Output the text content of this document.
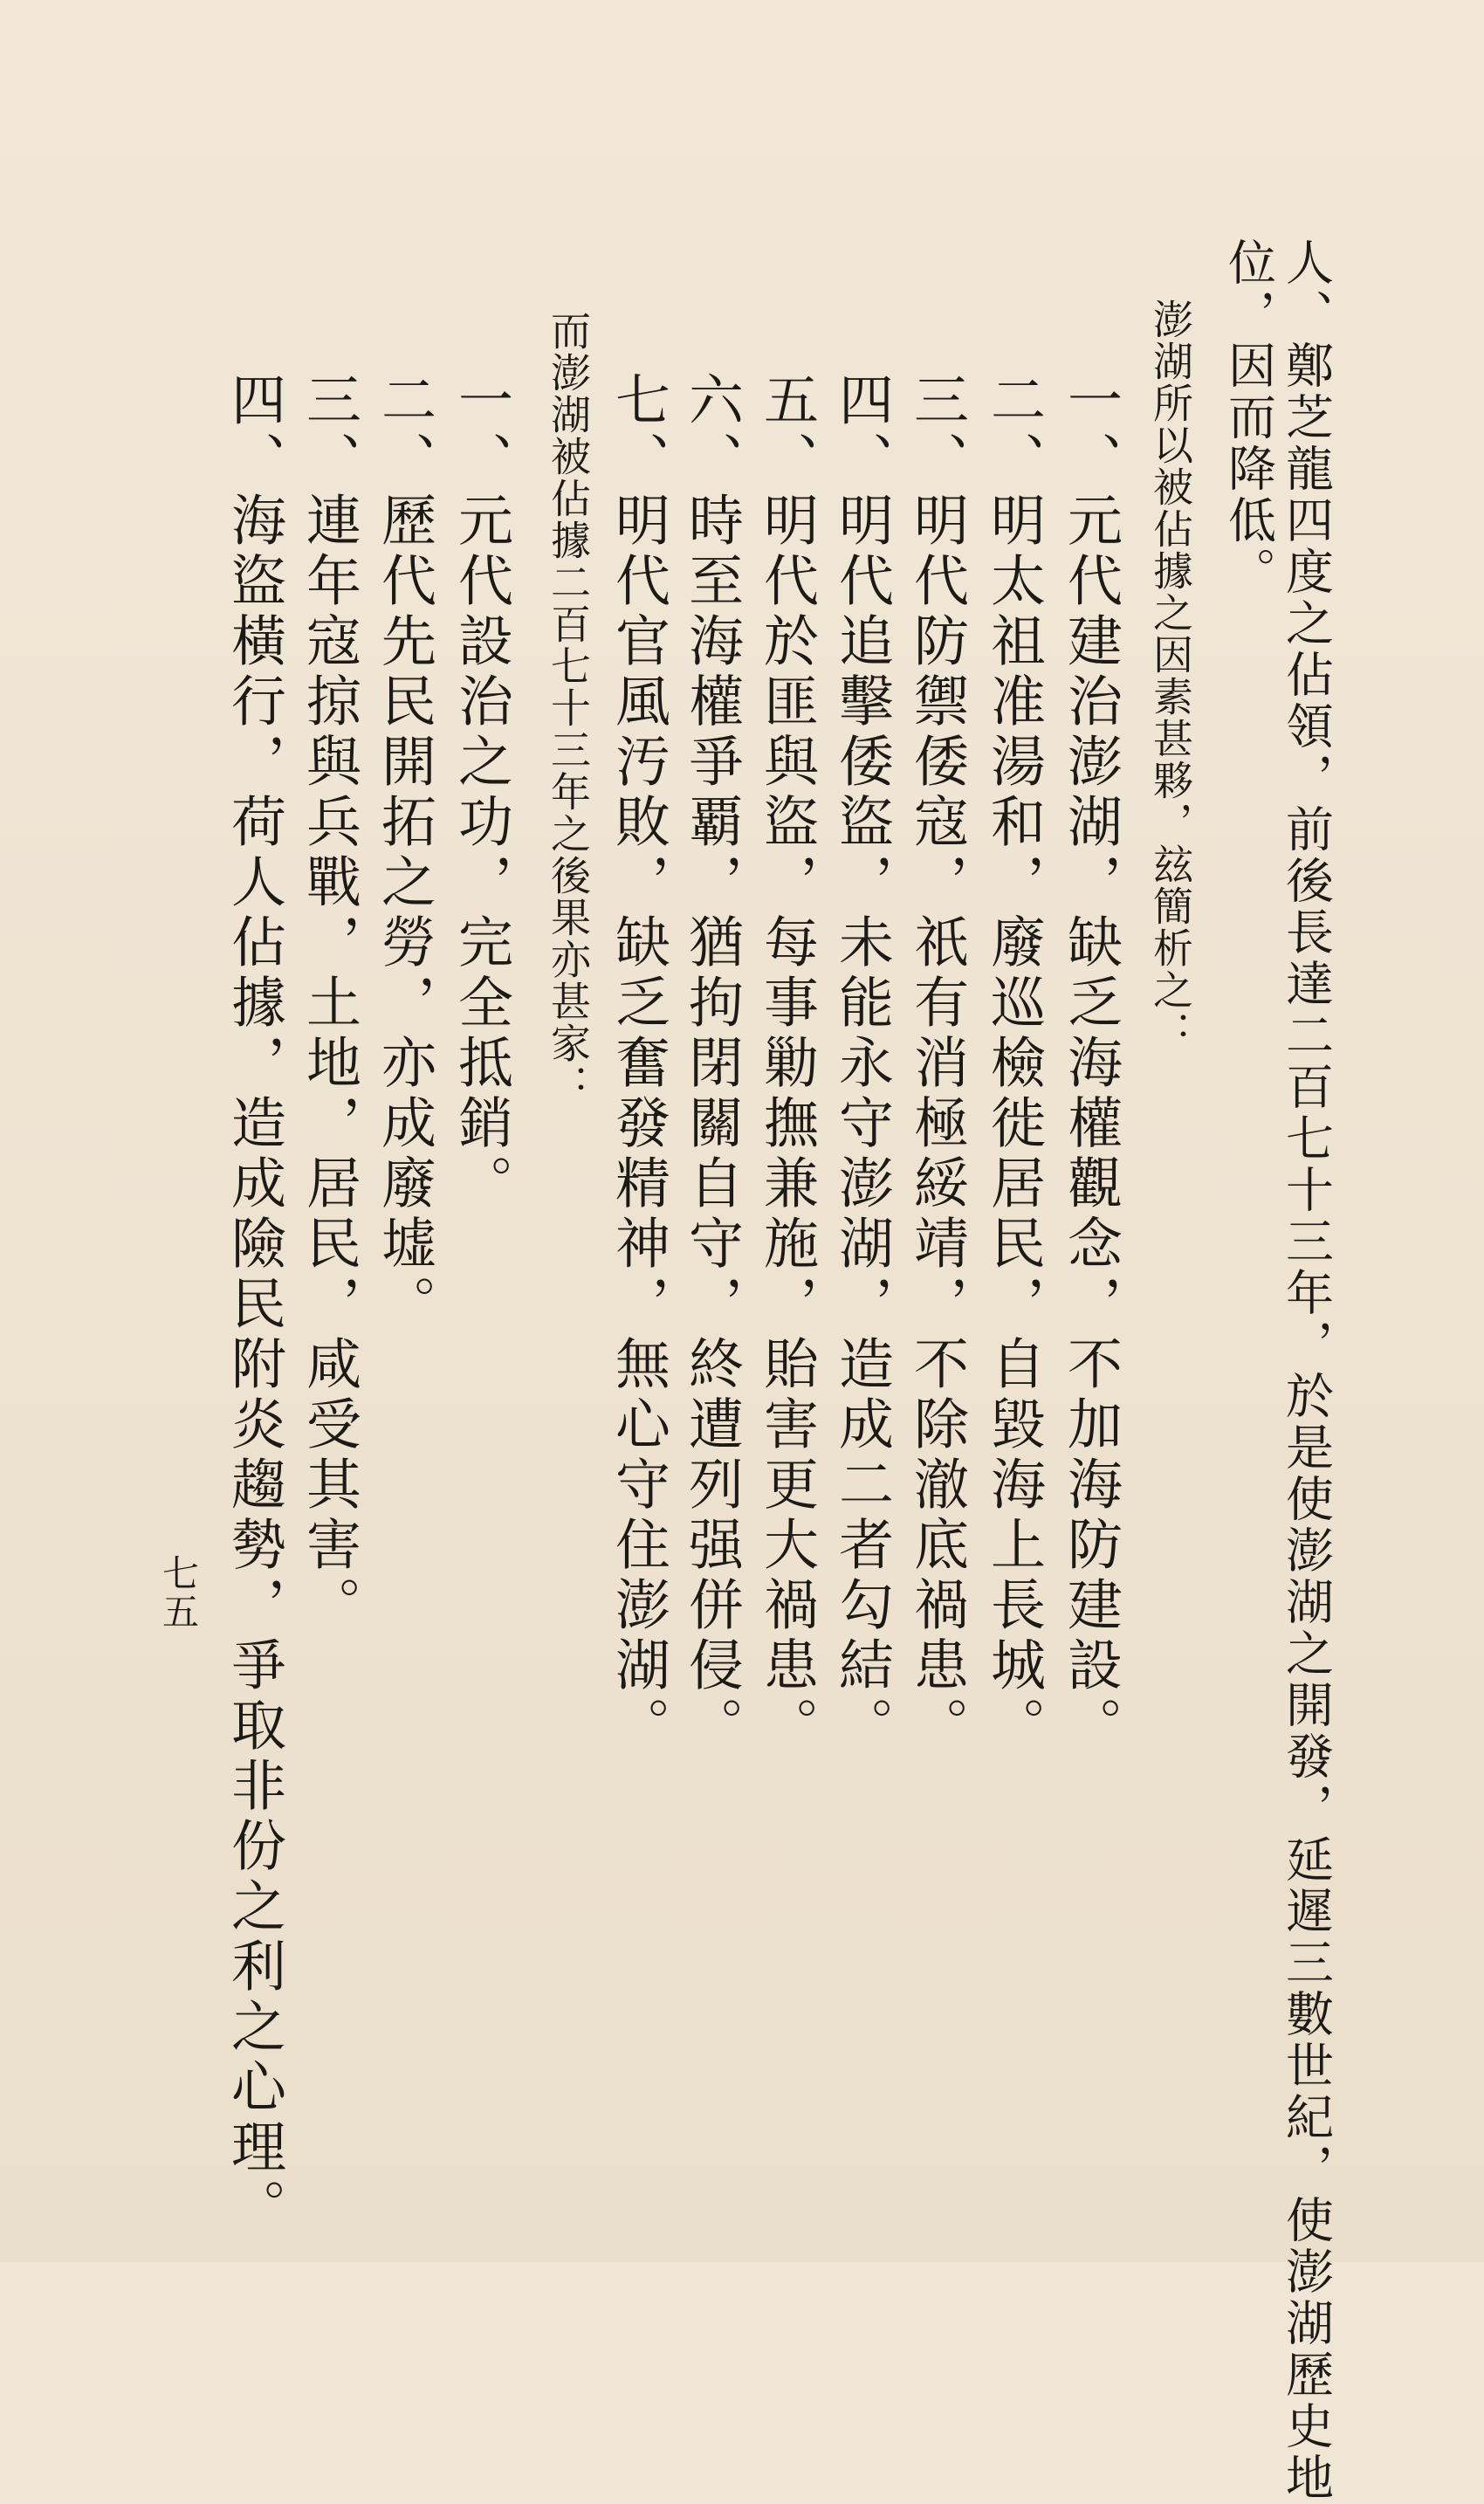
人、鄭芝龍四度之佔領，前後長達二百七十三年，於是使澎湖之開發，延遲三數世紀，使澎湖歷史地
位，因而降低。
澎湖所以被佔據之因素甚夥，玆簡析之：
一、元代建治澎湖，缺乏海權觀念，不加海防建設。
二、明太祖准湯和，廢巡檢徙居民，自毀海上長城。
三、明代防禦倭寇，祇有消極綏靖，不除澈底禍患。
四、明代追擊倭盜，未能永守澎湖，造成二者勾結。
五、明代於匪與盜，每事勦撫兼施，貽害更大禍患。
六、時至海權爭覇，猶拘閉關自守，終遭列强併侵。
七、明代官風汚敗，缺乏奮發精神，無心守住澎湖。
而澎湖被佔據二百七十三年之後果亦甚家：
一、元代設治之功，完全抵銷。
二、歷代先民開拓之勞，亦成廢墟。
三、連年寇掠與兵戰，土地，居民，咸受其害。
四、海盜橫行，荷人佔據，造成險民附炎趨勢，爭取非份之利之心理。
七五
